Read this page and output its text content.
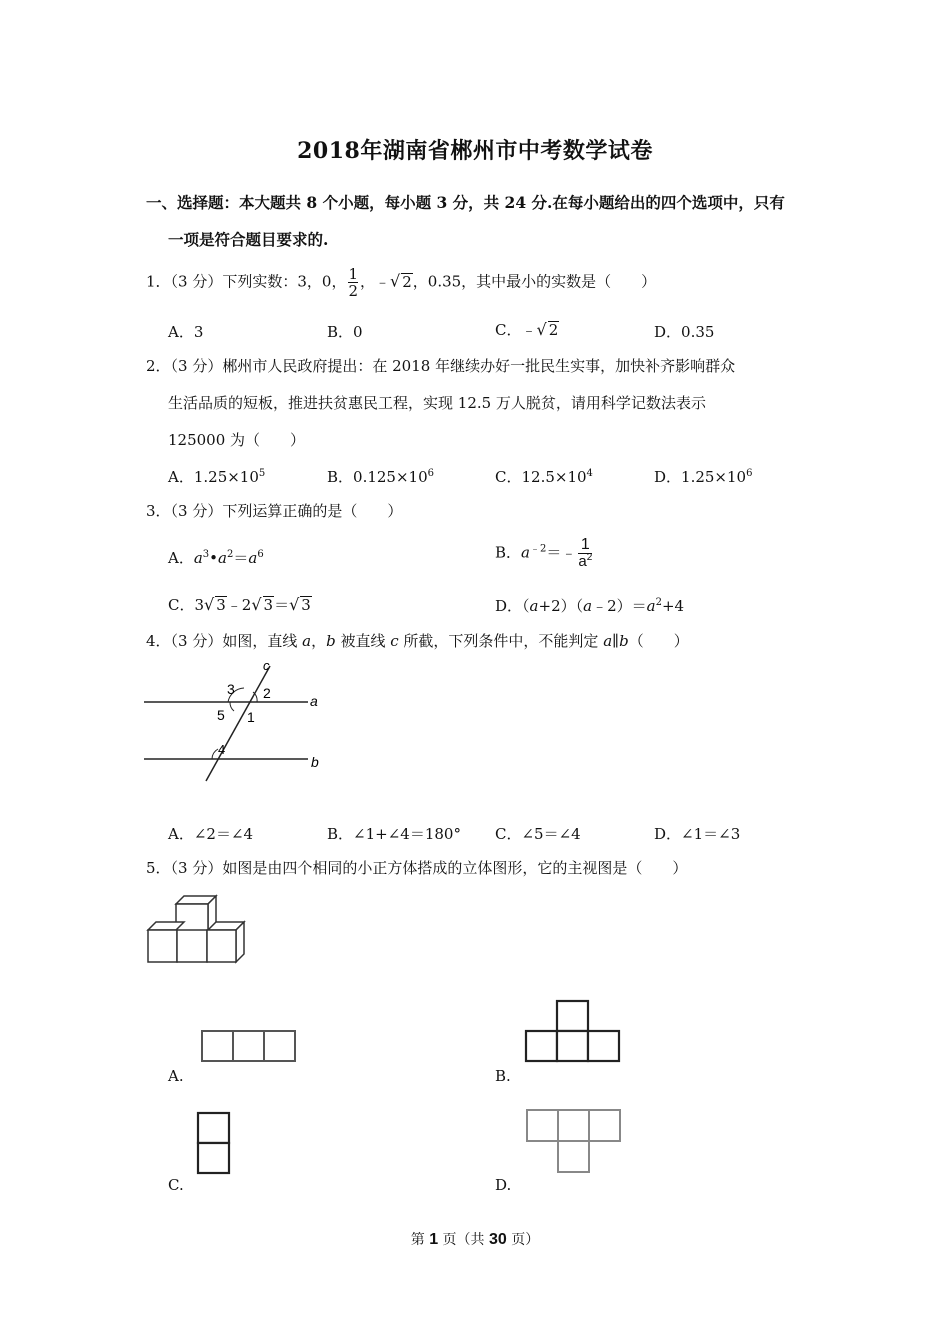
2018年湖南省郴州市中考数学试卷
一、选择题：本大题共 8 个小题，每小题 3 分，共 24 分.在每小题给出的四个选项中，只有
一项是符合题目要求的.
1．（3 分）下列实数：3，0， $\frac{1}{2}$ ，﹣√ 2，0.35，其中最小的实数是（　　）
A．3	B．0	C．﹣√ 2	D．0.35
2．（3 分）郴州市人民政府提出：在 2018 年继续办好一批民生实事，加快补齐影响群众
生活品质的短板，推进扶贫惠民工程，实现 12.5 万人脱贫，请用科学记数法表示
125000 为（　　）
A．$1.25\times 10^5$	B．$0.125\times 10^6$	C．$12.5\times 10^4$	D．$1.25\times 10^6$
3．（3 分）下列运算正确的是（　　）
A．$a^3•a^2=a^6$	B．$a^{﹣2}=﹣ \frac{1}{a^2}$
C．3√ 3﹣2√ 3＝√ 3	D．$(a+2)(a﹣2)=a^2+4$
4．（3 分）如图，直线 a，b 被直线 c 所截，下列条件中，不能判定 a∥b（　　）
c
a
b
3 2
5 1
4
A．∠2＝∠4	B．∠1+∠4＝180° C．∠5＝∠4	D．∠1＝∠3
5．（3 分）如图是由四个相同的小正方体搭成的立体图形，它的主视图是（　　）
A.	B.
C.	D.
第 1 页（共 30 页）
